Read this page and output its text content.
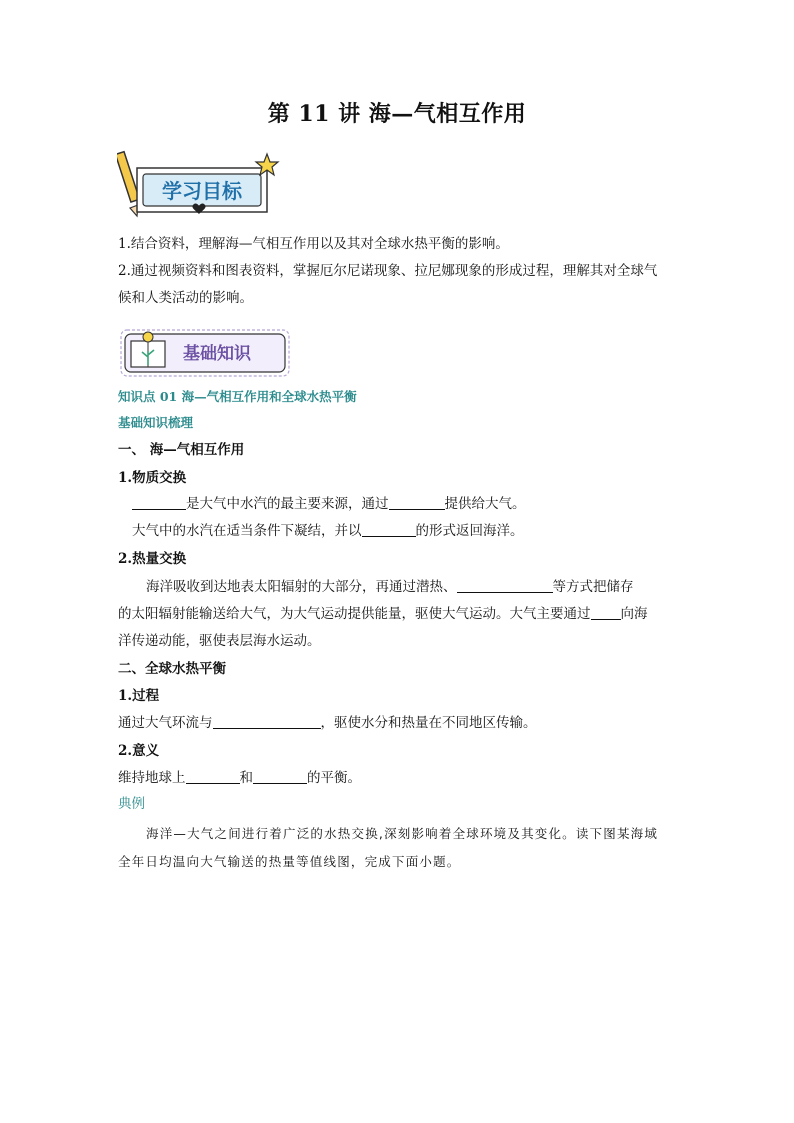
第 11 讲 海—气相互作用
学习目标
1.结合资料，理解海—气相互作用以及其对全球水热平衡的影响。
2.通过视频资料和图表资料，掌握厄尔尼诺现象、拉尼娜现象的形成过程，理解其对全球气
候和人类活动的影响。
基础知识
知识点 01 海—气相互作用和全球水热平衡
基础知识梳理
一、 海—气相互作用
1.物质交换
是大气中水汽的最主要来源，通过	提供给大气。
大气中的水汽在适当条件下凝结，并以	的形式返回海洋。
2.热量交换
海洋吸收到达地表太阳辐射的大部分，再通过潜热、	等方式把储存
的太阳辐射能输送给大气，为大气运动提供能量，驱使大气运动。大气主要通过 向海
洋传递动能，驱使表层海水运动。
二、全球水热平衡
1.过程
通过大气环流与	，驱使水分和热量在不同地区传输。
2.意义
维持地球上	和	的平衡。
典例
海洋—大气之间进行着广泛的水热交换,深刻影响着全球环境及其变化。读下图某海域
全年日均温向大气输送的热量等值线图，完成下面小题。
